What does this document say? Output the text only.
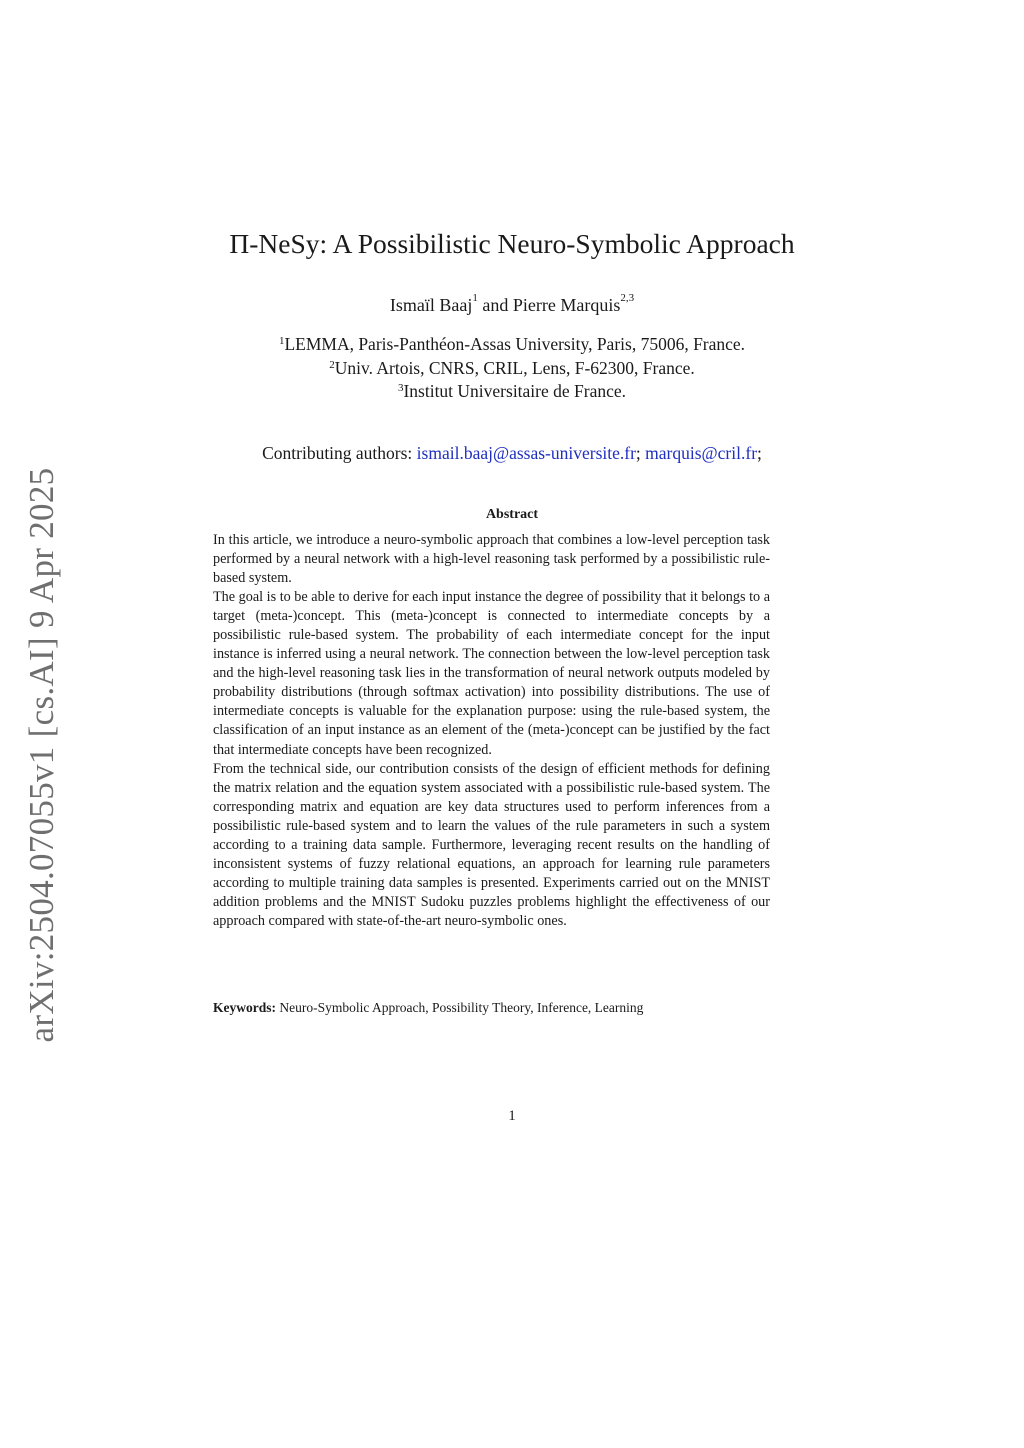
arXiv:2504.07055v1 [cs.AI] 9 Apr 2025
Π-NeSy: A Possibilistic Neuro-Symbolic Approach
Ismaïl Baaj$^1$ and Pierre Marquis$^{2,3}$
$^1$LEMMA, Paris-Panthéon-Assas University, Paris, 75006, France.
$^2$Univ. Artois, CNRS, CRIL, Lens, F-62300, France.
$^3$Institut Universitaire de France.
Contributing authors: ismail.baaj@assas-universite.fr; marquis@cril.fr;
Abstract

In this article, we introduce a neuro-symbolic approach that combines a low-level perception task performed by a neural network with a high-level reasoning task performed by a possibilistic rule-based system.

The goal is to be able to derive for each input instance the degree of possibility that it belongs to a target (meta-)concept. This (meta-)concept is connected to intermediate concepts by a possibilistic rule-based system. The probability of each intermediate concept for the input instance is inferred using a neural network. The connection between the low-level perception task and the high-level reasoning task lies in the transformation of neural network outputs modeled by probability distributions (through softmax activation) into possibility distributions. The use of intermediate concepts is valuable for the explanation purpose: using the rule-based system, the classification of an input instance as an element of the (meta-)concept can be justified by the fact that intermediate concepts have been recognized.

From the technical side, our contribution consists of the design of efficient methods for defining the matrix relation and the equation system associated with a possibilistic rule-based system. The corresponding matrix and equation are key data structures used to perform inferences from a possibilistic rule-based system and to learn the values of the rule parameters in such a system according to a training data sample. Furthermore, leveraging recent results on the handling of inconsistent systems of fuzzy relational equations, an approach for learning rule parameters according to multiple training data samples is presented. Experiments carried out on the MNIST addition problems and the MNIST Sudoku puzzles problems highlight the effectiveness of our approach compared with state-of-the-art neuro-symbolic ones.

Keywords: Neuro-Symbolic Approach, Possibility Theory, Inference, Learning
1
